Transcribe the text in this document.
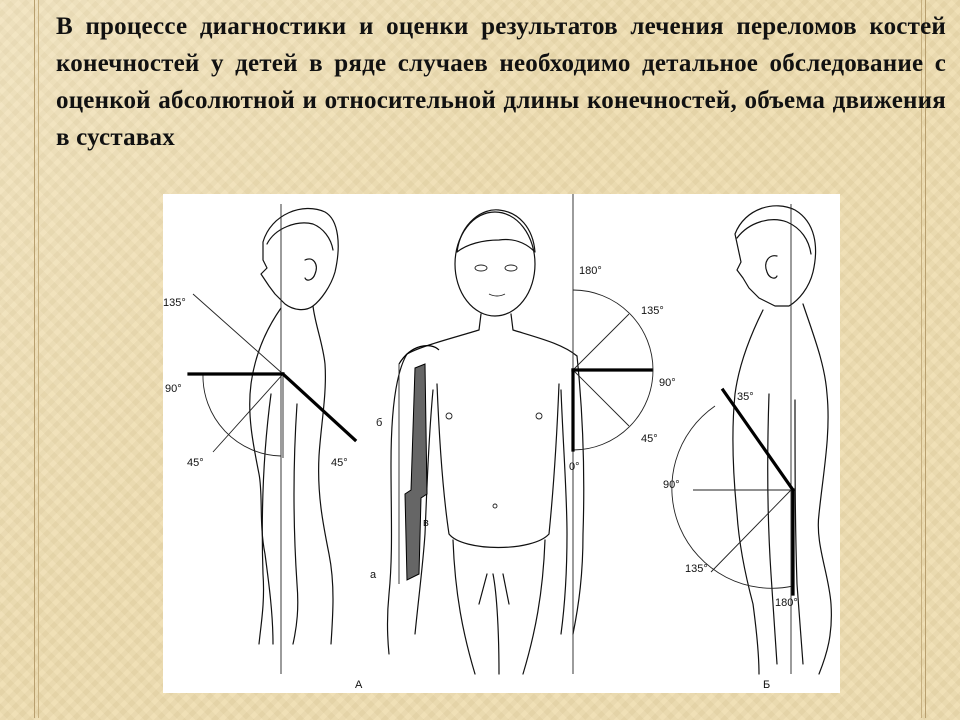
В процессе диагностики и оценки результатов лечения переломов костей конечностей у детей в ряде случаев необходимо детальное обследование с оценкой абсолютной и относительной длины конечностей, объема движения в суставах

135°
90°
45°	45°
б
в
а
180°
135°
90°
45°
0°
A
35°
90°
135°
180°
Б
